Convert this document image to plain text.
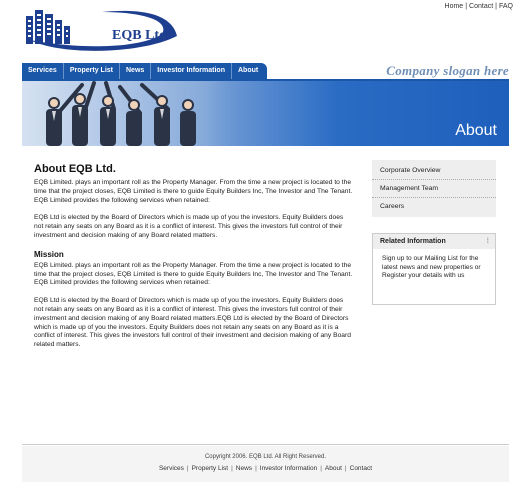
EQB Ltd
Home | Contact | FAQ
Services	Property List	News	Investor Information	About	Company slogan here
About
About EQB Ltd.

EQB Limited. plays an important roll as the Property Manager. From the time a new project is located to the time that the project closes, EQB Limited is there to guide Equity Builders Inc, The Investor and The Tenant. EQB Limited provides the following services when retained:

EQB Ltd is elected by the Board of Directors which is made up of you the investors. Equity Builders does not retain any seats on any Board as it is a conflict of interest. This gives the investors full control of their investment and decision making of any Board related matters.

Mission

EQB Limited. plays an important roll as the Property Manager. From the time a new project is located to the time that the project closes, EQB Limited is there to guide Equity Builders Inc, The Investor and The Tenant. EQB Limited provides the following services when retained:

EQB Ltd is elected by the Board of Directors which is made up of you the investors. Equity Builders does not retain any seats on any Board as it is a conflict of interest. This gives the investors full control of their investment and decision making of any Board related matters.EQB Ltd is elected by the Board of Directors which is made up of you the investors. Equity Builders does not retain any seats on any Board as it is a conflict of interest. This gives the investors full control of their investment and decision making of any Board related matters.

Corporate Overview
Management Team
Careers
Related Information	⁞
Sign up to our Mailing List for the latest news and new properties or Register your details with us
Copyright 2006. EQB Ltd. All Right Reserved.
Services | Property List | News | Investor Information | About | Contact
